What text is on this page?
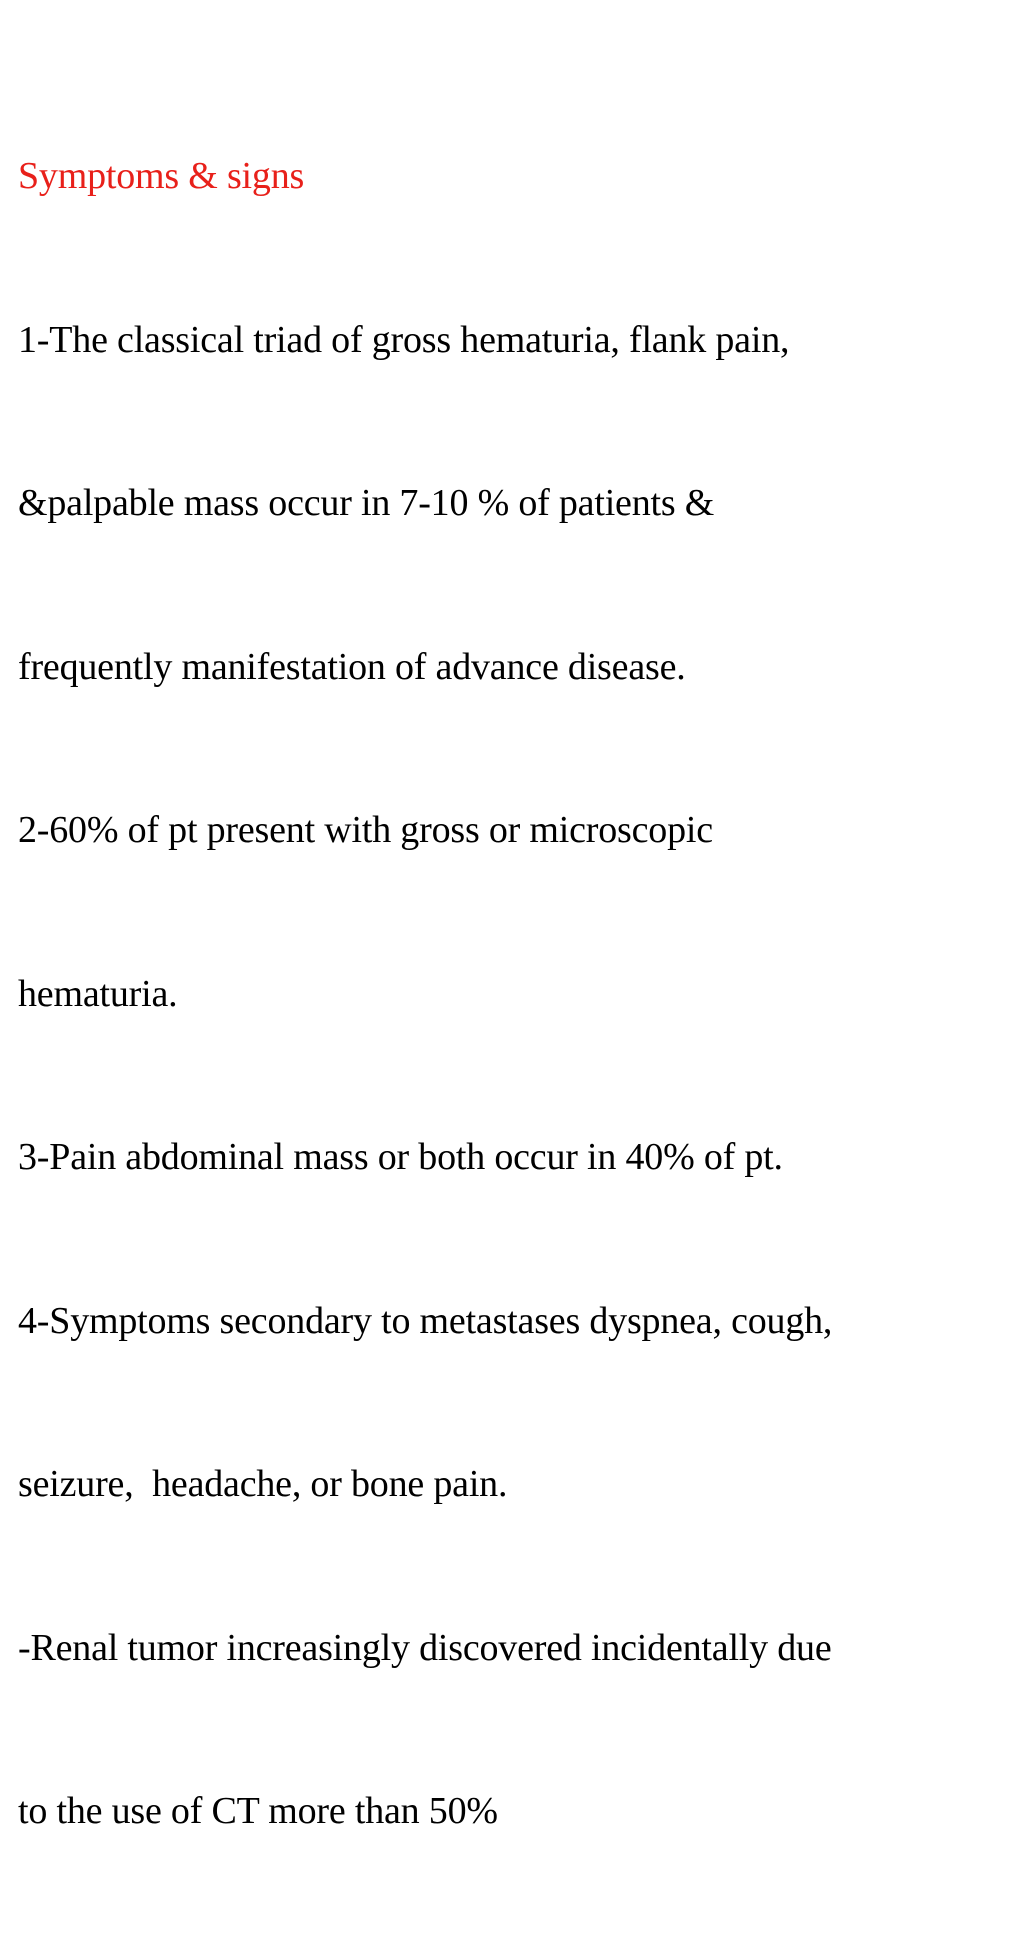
Symptoms & signs

1-The classical triad of gross hematuria, flank pain,

&palpable mass occur in 7-10 % of patients &

frequently manifestation of advance disease.

2-60% of pt present with gross or microscopic

hematuria.

3-Pain abdominal mass or both occur in 40% of pt.

4-Symptoms secondary to metastases dyspnea, cough,

seizure,  headache, or bone pain.

-Renal tumor increasingly discovered incidentally due

to the use of CT more than 50%
